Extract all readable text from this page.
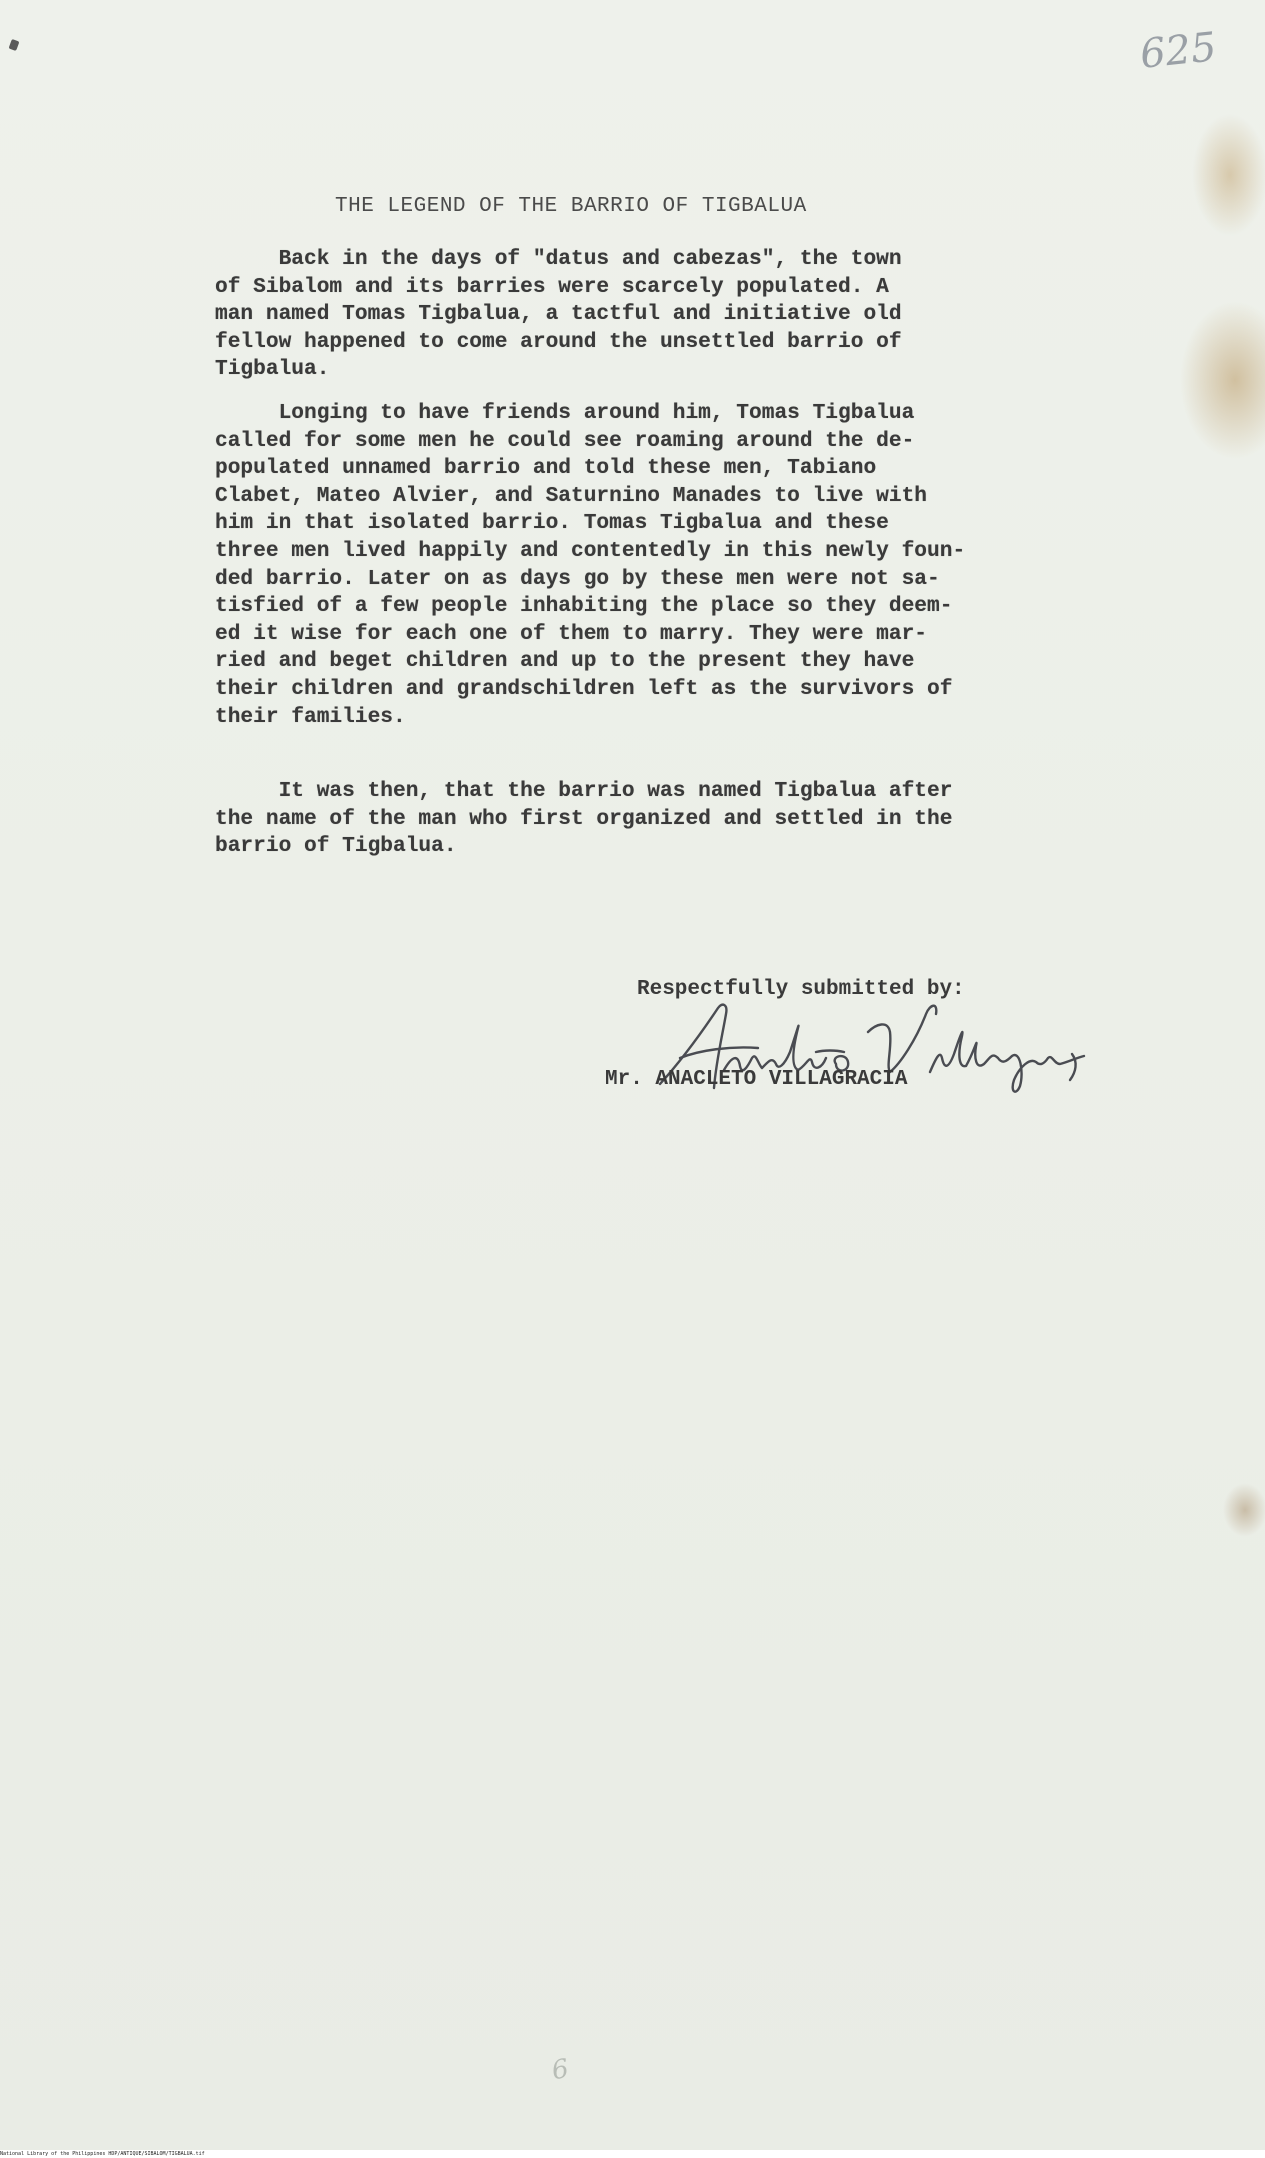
625
THE LEGEND OF THE BARRIO OF TIGBALUA
Back in the days of "datus and cabezas", the town
of Sibalom and its barries were scarcely populated. A
man named Tomas Tigbalua, a tactful and initiative old
fellow happened to come around the unsettled barrio of
Tigbalua.
Longing to have friends around him, Tomas Tigbalua
called for some men he could see roaming around the de-
populated unnamed barrio and told these men, Tabiano
Clabet, Mateo Alvier, and Saturnino Manades to live with
him in that isolated barrio. Tomas Tigbalua and these
three men lived happily and contentedly in this newly foun-
ded barrio. Later on as days go by these men were not sa-
tisfied of a few people inhabiting the place so they deem-
ed it wise for each one of them to marry. They were mar-
ried and beget children and up to the present they have
their children and grandschildren left as the survivors of
their families.
It was then, that the barrio was named Tigbalua after
the name of the man who first organized and settled in the
barrio of Tigbalua.
Respectfully submitted by:
Mr. ANACLETO VILLAGRACIA
6
National Library of the Philippines HDP/ANTIQUE/SIBALOM/TIGBALUA.tif
